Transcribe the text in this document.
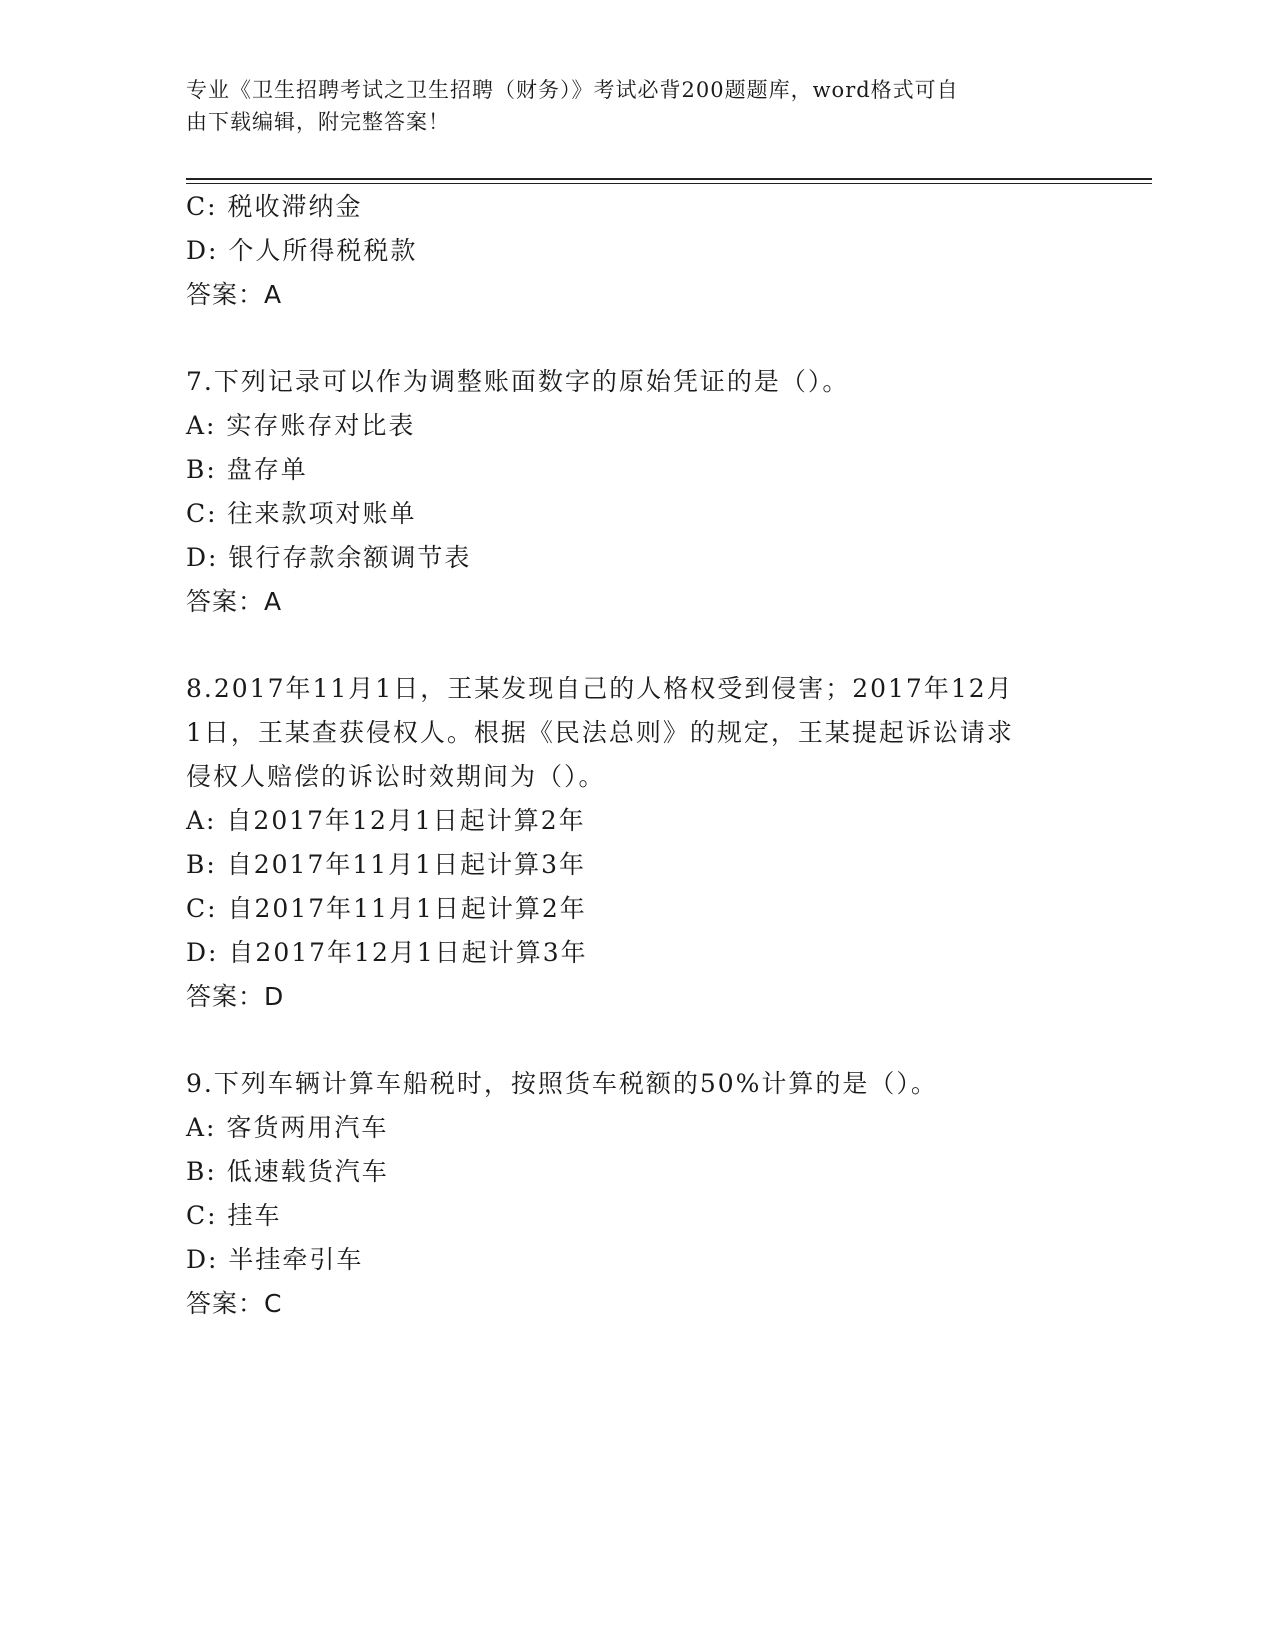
专业《卫生招聘考试之卫生招聘（财务）》考试必背200题题库，word格式可自
由下载编辑，附完整答案！
C: 税收滞纳金
D: 个人所得税税款
答案：A
7.下列记录可以作为调整账面数字的原始凭证的是（）。
A: 实存账存对比表
B: 盘存单
C: 往来款项对账单
D: 银行存款余额调节表
答案：A
8.2017年11月1日，王某发现自己的人格权受到侵害；2017年12月
1日，王某查获侵权人。根据《民法总则》的规定，王某提起诉讼请求
侵权人赔偿的诉讼时效期间为（）。
A: 自2017年12月1日起计算2年
B: 自2017年11月1日起计算3年
C: 自2017年11月1日起计算2年
D: 自2017年12月1日起计算3年
答案：D
9.下列车辆计算车船税时，按照货车税额的50%计算的是（）。
A: 客货两用汽车
B: 低速载货汽车
C: 挂车
D: 半挂牵引车
答案：C
